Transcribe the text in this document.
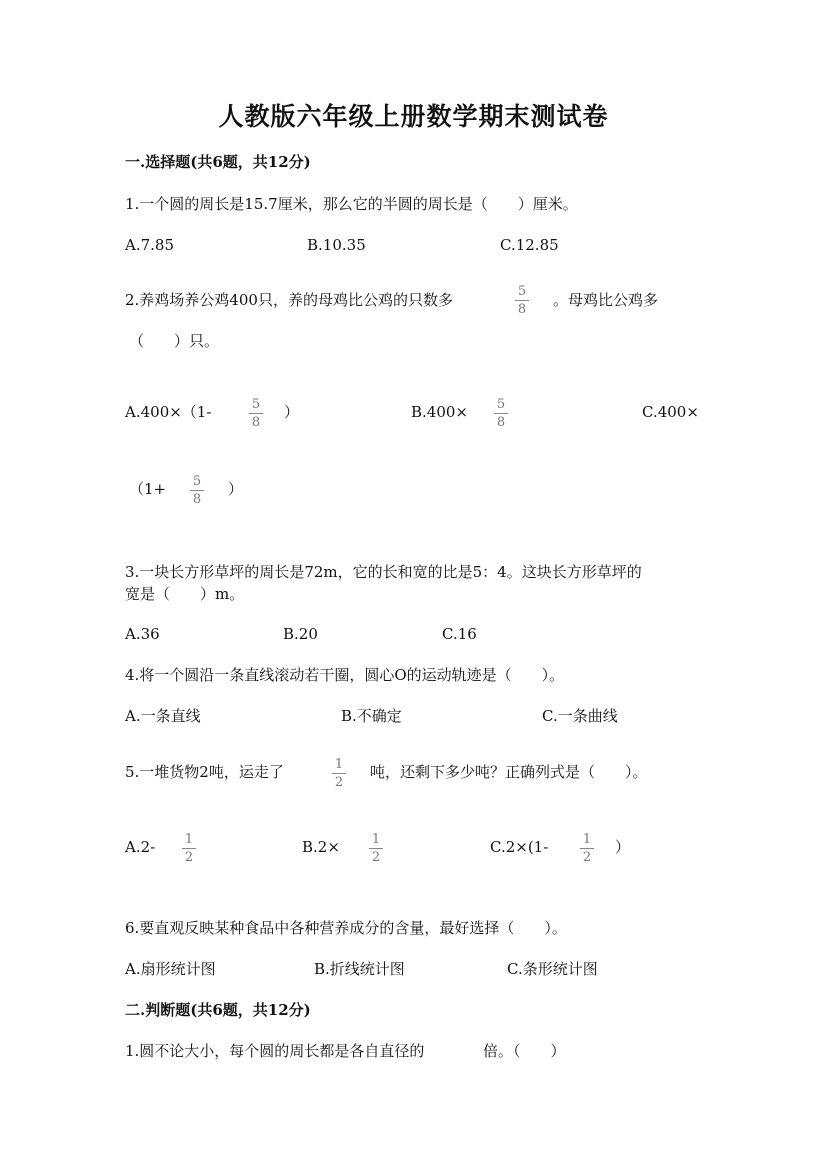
人教版六年级上册数学期末测试卷
一.选择题(共6题，共12分)
1.一个圆的周长是15.7厘米，那么它的半圆的周长是（　　）厘米。
A.7.85	B.10.35	C.12.85
2.养鸡场养公鸡400只，养的母鸡比公鸡的只数多	5
8
。母鸡比公鸡多
（　　）只。
A.400×（1-	5
8
）	B.400× 5
8
C.400×
（1+ 5
8
）
3.一块长方形草坪的周长是72m，它的长和宽的比是5：4。这块长方形草坪的
宽是（　　）m。
A.36	B.20	C.16
4.将一个圆沿一条直线滚动若干圈，圆心O的运动轨迹是（　　）。
A.一条直线	B.不确定	C.一条曲线
5.一堆货物2吨，运走了	1
2
吨，还剩下多少吨？正确列式是（　　）。
A.2- 1
2
B.2× 1
2
C.2×(1-	1
2
）
6.要直观反映某种食品中各种营养成分的含量，最好选择（　　）。
A.扇形统计图	B.折线统计图	C.条形统计图
二.判断题(共6题，共12分)
1.圆不论大小，每个圆的周长都是各自直径的	倍。（　　）
